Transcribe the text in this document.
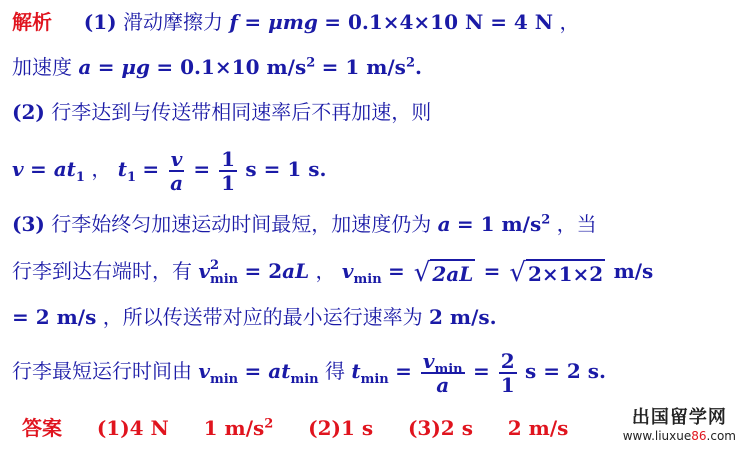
解析 (1) 滑动摩擦力 f = μmg = 0.1×4×10 N = 4 N ，
加速度 a = μg = 0.1×10 $m/s^2 = 1$ $m/s^2$.
(2) 行李达到与传送带相同速率后不再加速，则
$v = at_1$ ， $t_1 = \frac{v}{a} = \frac{1}{1}$ s = 1 s.
(3) 行李始终匀加速运动时间最短，加速度仍为 a = 1 $m/s^2$ ，当
行李到达右端时，有 v 2
min = 2aL ， $v_{min}$ = √ 2aL = √ 2×1×2 m/s
= 2 m/s ，所以传送带对应的最小运行速率为 2 m/s.
行李最短运行时间由 $v_{min} = at_{min}$ 得 $t_{min} = \frac{v_{min}}{a} = \frac{2}{1}$ s = 2 s.
答案 (1)4 N 1 $m/s^2$ (2)1 s (3)2 s 2 m/s	出国留学网
www.liuxue86.com
